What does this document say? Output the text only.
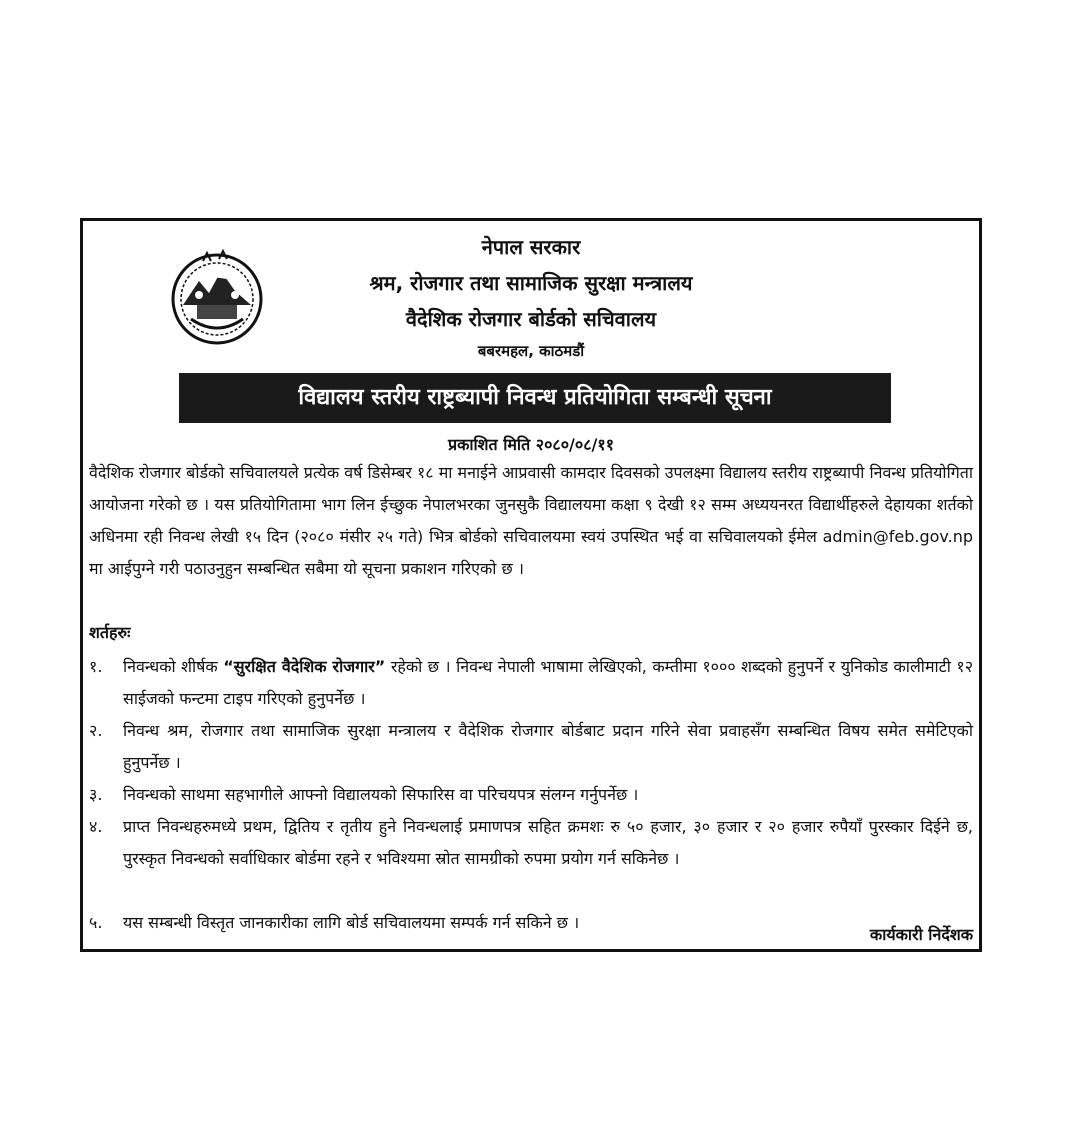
नेपाल सरकार
श्रम, रोजगार तथा सामाजिक सुरक्षा मन्त्रालय
वैदेशिक रोजगार बोर्डको सचिवालय
बबरमहल, काठमडौं
विद्यालय स्तरीय राष्ट्रब्यापी निवन्ध प्रतियोगिता सम्बन्धी सूचना
प्रकाशित मिति २०८०/०८/११
वैदेशिक रोजगार बोर्डको सचिवालयले प्रत्येक वर्ष डिसेम्बर १८ मा मनाईने आप्रवासी कामदार दिवसको उपलक्ष्मा विद्यालय स्तरीय राष्ट्रब्यापी निवन्ध प्रतियोगिता आयोजना गरेको छ । यस प्रतियोगितामा भाग लिन ईच्छुक नेपालभरका जुनसुकै विद्यालयमा कक्षा ९ देखी १२ सम्म अध्ययनरत विद्यार्थीहरुले देहायका शर्तको अधिनमा रही निवन्ध लेखी १५ दिन (२०८० मंसीर २५ गते) भित्र बोर्डको सचिवालयमा स्वयं उपस्थित भई वा सचिवालयको ईमेल admin@feb.gov.np मा आईपुग्ने गरी पठाउनुहुन सम्बन्धित सबैमा यो सूचना प्रकाशन गरिएको छ ।
शर्तहरुः
१. निवन्धको शीर्षक “सुरक्षित वैदेशिक रोजगार” रहेको छ । निवन्ध नेपाली भाषामा लेखिएको, कम्तीमा १००० शब्दको हुनुपर्ने र युनिकोड कालीमाटी १२ साईजको फन्टमा टाइप गरिएको हुनुपर्नेछ ।
२. निवन्ध श्रम, रोजगार तथा सामाजिक सुरक्षा मन्त्रालय र वैदेशिक रोजगार बोर्डबाट प्रदान गरिने सेवा प्रवाहसँग सम्बन्धित विषय समेत समेटिएको हुनुपर्नेछ ।
३. निवन्धको साथमा सहभागीले आफ्नो विद्यालयको सिफारिस वा परिचयपत्र संलग्न गर्नुपर्नेछ ।
४. प्राप्त निवन्धहरुमध्ये प्रथम, द्वितिय र तृतीय हुने निवन्धलाई प्रमाणपत्र सहित क्रमशः रु ५० हजार, ३० हजार र २० हजार रुपैयाँ पुरस्कार दिईने छ, पुरस्कृत निवन्धको सर्वाधिकार बोर्डमा रहने र भविश्यमा स्रोत सामग्रीको रुपमा प्रयोग गर्न सकिनेछ ।
५. यस सम्बन्धी विस्तृत जानकारीका लागि बोर्ड सचिवालयमा सम्पर्क गर्न सकिने छ ।
कार्यकारी निर्देशक
